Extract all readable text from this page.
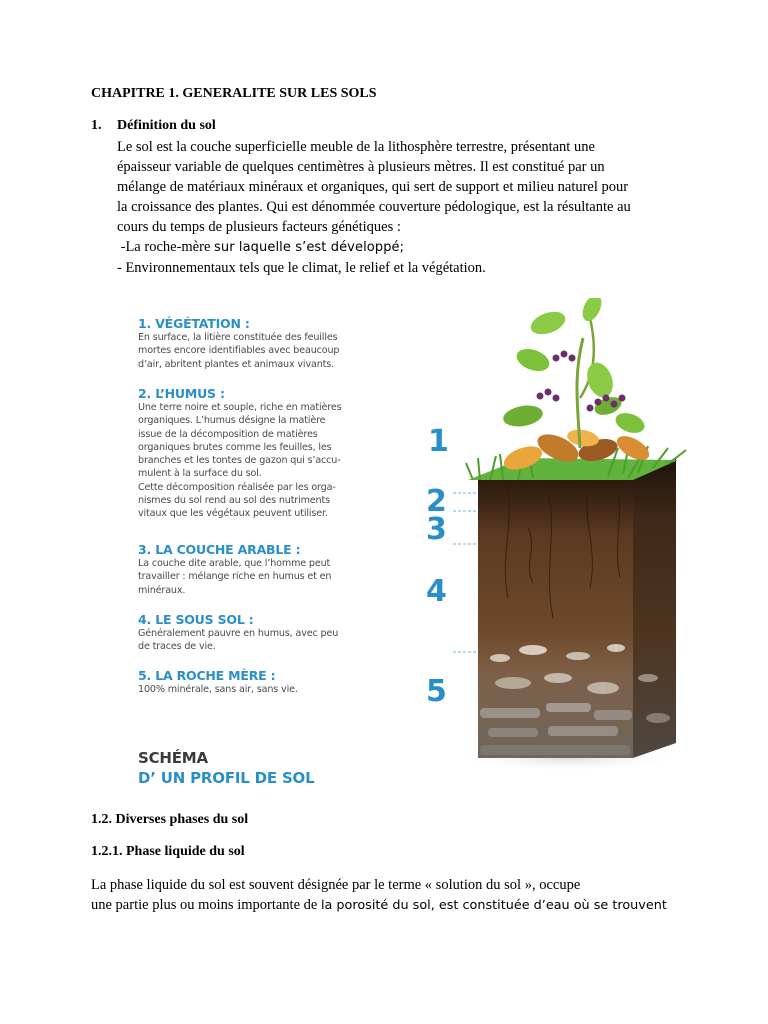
CHAPITRE 1. GENERALITE SUR LES SOLS
1. Définition du sol
Le sol est la couche superficielle meuble de la lithosphère terrestre, présentant une
épaisseur variable de quelques centimètres à plusieurs mètres. Il est constitué par un
mélange de matériaux minéraux et organiques, qui sert de support et milieu naturel pour
la croissance des plantes. Qui est dénommée couverture pédologique, est la résultante au
cours du temps de plusieurs facteurs génétiques :
-La roche-mère sur laquelle s’est développé;
- Environnementaux tels que le climat, le relief et la végétation.
1. VÉGÉTATION :
En surface, la litière constituée des feuilles
mortes encore identifiables avec beaucoup
d’air, abritent plantes et animaux vivants.
2. L’HUMUS :
Une terre noire et souple, riche en matières
organiques. L’humus désigne la matière
issue de la décomposition de matières
organiques brutes comme les feuilles, les
branches et les tontes de gazon qui s’accu-
mulent à la surface du sol.
Cette décomposition réalisée par les orga-
nismes du sol rend au sol des nutriments
vitaux que les végétaux peuvent utiliser.
3. LA COUCHE ARABLE :
La couche dite arable, que l’homme peut
travailler : mélange riche en humus et en
minéraux.
4. LE SOUS SOL :
Généralement pauvre en humus, avec peu
de traces de vie.
5. LA ROCHE MÈRE :
100% minérale, sans air, sans vie.
SCHÉMA
D’ UN PROFIL DE SOL
1
2
3
4
5
1.2. Diverses phases du sol
1.2.1. Phase liquide du sol
La phase liquide du sol est souvent désignée par le terme « solution du sol », occupe
une partie plus ou moins importante de la porosité du sol, est constituée d’eau où se trouvent
